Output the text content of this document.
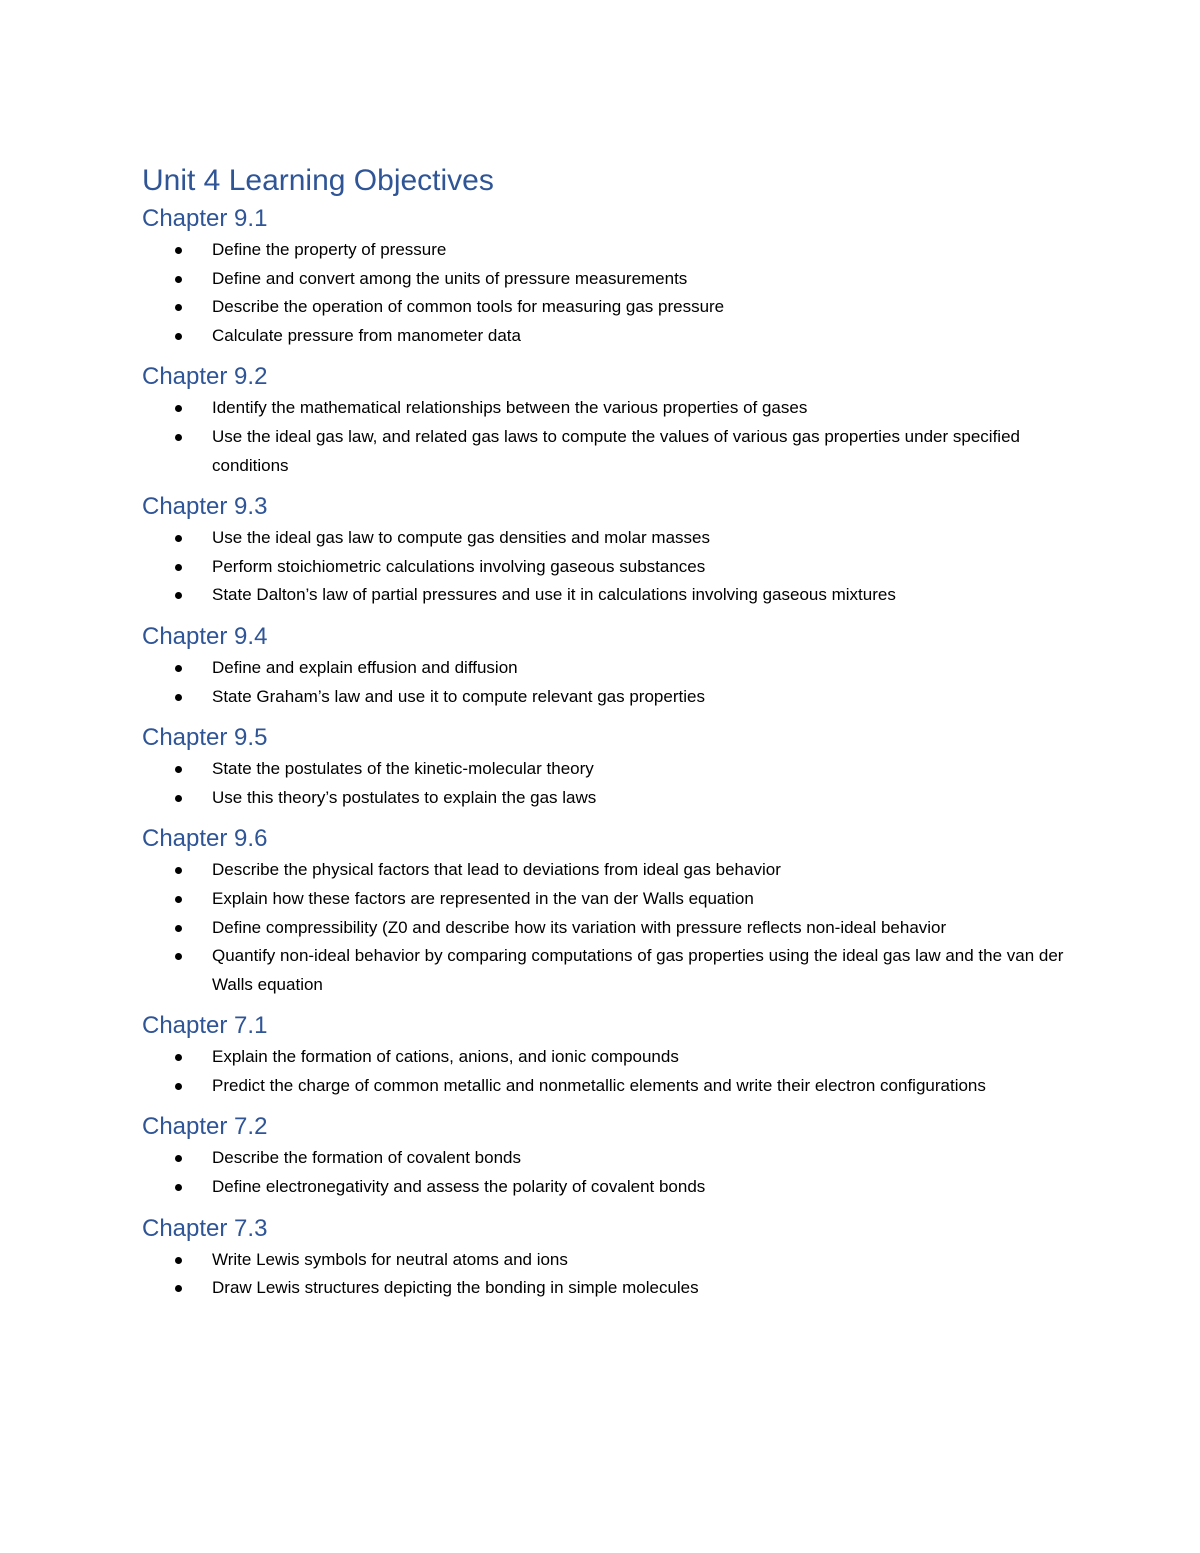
Unit 4 Learning Objectives
Chapter 9.1
Define the property of pressure
Define and convert among the units of pressure measurements
Describe the operation of common tools for measuring gas pressure
Calculate pressure from manometer data
Chapter 9.2
Identify the mathematical relationships between the various properties of gases
Use the ideal gas law, and related gas laws to compute the values of various gas properties under specified conditions
Chapter 9.3
Use the ideal gas law to compute gas densities and molar masses
Perform stoichiometric calculations involving gaseous substances
State Dalton’s law of partial pressures and use it in calculations involving gaseous mixtures
Chapter 9.4
Define and explain effusion and diffusion
State Graham’s law and use it to compute relevant gas properties
Chapter 9.5
State the postulates of the kinetic-molecular theory
Use this theory’s postulates to explain the gas laws
Chapter 9.6
Describe the physical factors that lead to deviations from ideal gas behavior
Explain how these factors are represented in the van der Walls equation
Define compressibility (Z0 and describe how its variation with pressure reflects non-ideal behavior
Quantify non-ideal behavior by comparing computations of gas properties using the ideal gas law and the van der Walls equation
Chapter 7.1
Explain the formation of cations, anions, and ionic compounds
Predict the charge of common metallic and nonmetallic elements and write their electron configurations
Chapter 7.2
Describe the formation of covalent bonds
Define electronegativity and assess the polarity of covalent bonds
Chapter 7.3
Write Lewis symbols for neutral atoms and ions
Draw Lewis structures depicting the bonding in simple molecules
